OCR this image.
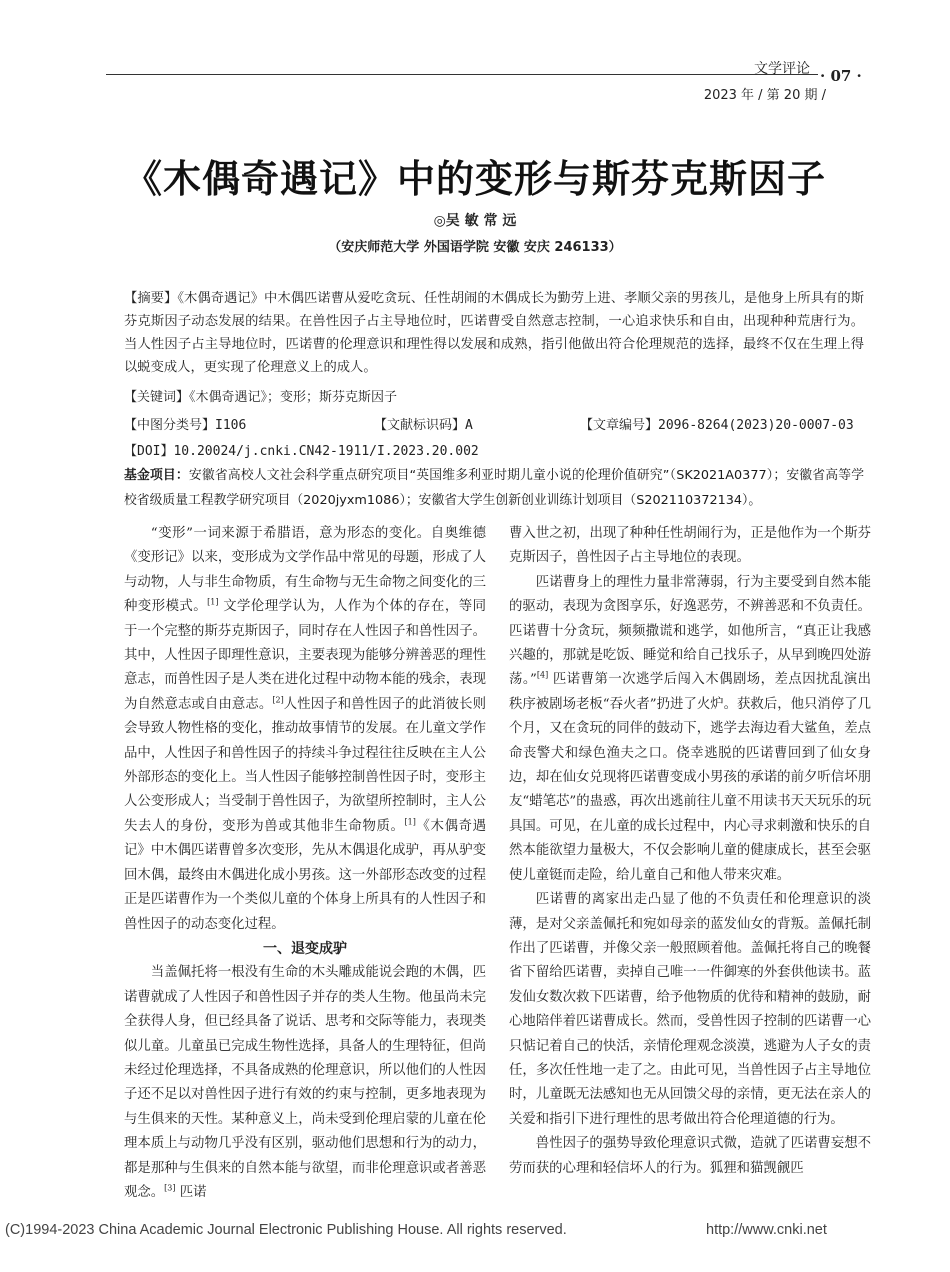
文学评论 · 07 ·
2023 年 / 第 20 期 /
《木偶奇遇记》中的变形与斯芬克斯因子
◎吴 敏 常 远
（安庆师范大学 外国语学院 安徽 安庆 246133）
【摘要】《木偶奇遇记》中木偶匹诺曹从爱吃贪玩、任性胡闹的木偶成长为勤劳上进、孝顺父亲的男孩儿，是他身上所具有的斯芬克斯因子动态发展的结果。在兽性因子占主导地位时，匹诺曹受自然意志控制，一心追求快乐和自由，出现种种荒唐行为。当人性因子占主导地位时，匹诺曹的伦理意识和理性得以发展和成熟，指引他做出符合伦理规范的选择，最终不仅在生理上得以蜕变成人，更实现了伦理意义上的成人。
【关键词】《木偶奇遇记》；变形；斯芬克斯因子
【中图分类号】I106	【文献标识码】A	【文章编号】2096-8264(2023)20-0007-03
【DOI】10.20024/j.cnki.CN42-1911/I.2023.20.002
基金项目：安徽省高校人文社会科学重点研究项目“英国维多利亚时期儿童小说的伦理价值研究”（SK2021A0377）；安徽省高等学校省级质量工程教学研究项目（2020jyxm1086）；安徽省大学生创新创业训练计划项目（S202110372134）。

“变形”一词来源于希腊语，意为形态的变化。自奥维德《变形记》以来，变形成为文学作品中常见的母题，形成了人与动物，人与非生命物质，有生命物与无生命物之间变化的三种变形模式。[1] 文学伦理学认为，人作为个体的存在，等同于一个完整的斯芬克斯因子，同时存在人性因子和兽性因子。其中，人性因子即理性意识，主要表现为能够分辨善恶的理性意志，而兽性因子是人类在进化过程中动物本能的残余，表现为自然意志或自由意志。[2]人性因子和兽性因子的此消彼长则会导致人物性格的变化，推动故事情节的发展。在儿童文学作品中，人性因子和兽性因子的持续斗争过程往往反映在主人公外部形态的变化上。当人性因子能够控制兽性因子时，变形主人公变形成人；当受制于兽性因子，为欲望所控制时，主人公失去人的身份，变形为兽或其他非生命物质。[1]《木偶奇遇记》中木偶匹诺曹曾多次变形，先从木偶退化成驴，再从驴变回木偶，最终由木偶进化成小男孩。这一外部形态改变的过程正是匹诺曹作为一个类似儿童的个体身上所具有的人性因子和兽性因子的动态变化过程。

一、退变成驴

当盖佩托将一根没有生命的木头雕成能说会跑的木偶，匹诺曹就成了人性因子和兽性因子并存的类人生物。他虽尚未完全获得人身，但已经具备了说话、思考和交际等能力，表现类似儿童。儿童虽已完成生物性选择，具备人的生理特征，但尚未经过伦理选择，不具备成熟的伦理意识，所以他们的人性因子还不足以对兽性因子进行有效的约束与控制，更多地表现为与生俱来的天性。某种意义上，尚未受到伦理启蒙的儿童在伦理本质上与动物几乎没有区别，驱动他们思想和行为的动力，都是那种与生俱来的自然本能与欲望，而非伦理意识或者善恶观念。[3] 匹诺

曹入世之初，出现了种种任性胡闹行为，正是他作为一个斯芬克斯因子，兽性因子占主导地位的表现。

匹诺曹身上的理性力量非常薄弱，行为主要受到自然本能的驱动，表现为贪图享乐，好逸恶劳，不辨善恶和不负责任。匹诺曹十分贪玩，频频撒谎和逃学，如他所言，“真正让我感兴趣的，那就是吃饭、睡觉和给自己找乐子，从早到晚四处游荡。”[4] 匹诺曹第一次逃学后闯入木偶剧场，差点因扰乱演出秩序被剧场老板“吞火者”扔进了火炉。获救后，他只消停了几个月，又在贪玩的同伴的鼓动下，逃学去海边看大鲨鱼，差点命丧警犬和绿色渔夫之口。侥幸逃脱的匹诺曹回到了仙女身边，却在仙女兑现将匹诺曹变成小男孩的承诺的前夕听信坏朋友“蜡笔芯”的蛊惑，再次出逃前往儿童不用读书天天玩乐的玩具国。可见，在儿童的成长过程中，内心寻求刺激和快乐的自然本能欲望力量极大，不仅会影响儿童的健康成长，甚至会驱使儿童铤而走险，给儿童自己和他人带来灾难。

匹诺曹的离家出走凸显了他的不负责任和伦理意识的淡薄，是对父亲盖佩托和宛如母亲的蓝发仙女的背叛。盖佩托制作出了匹诺曹，并像父亲一般照顾着他。盖佩托将自己的晚餐省下留给匹诺曹，卖掉自己唯一一件御寒的外套供他读书。蓝发仙女数次救下匹诺曹，给予他物质的优待和精神的鼓励，耐心地陪伴着匹诺曹成长。然而，受兽性因子控制的匹诺曹一心只惦记着自己的快活，亲情伦理观念淡漠，逃避为人子女的责任，多次任性地一走了之。由此可见，当兽性因子占主导地位时，儿童既无法感知也无从回馈父母的亲情，更无法在亲人的关爱和指引下进行理性的思考做出符合伦理道德的行为。

兽性因子的强势导致伦理意识式微，造就了匹诺曹妄想不劳而获的心理和轻信坏人的行为。狐狸和猫觊觎匹

(C)1994-2023 China Academic Journal Electronic Publishing House. All rights reserved.	http://www.cnki.net
